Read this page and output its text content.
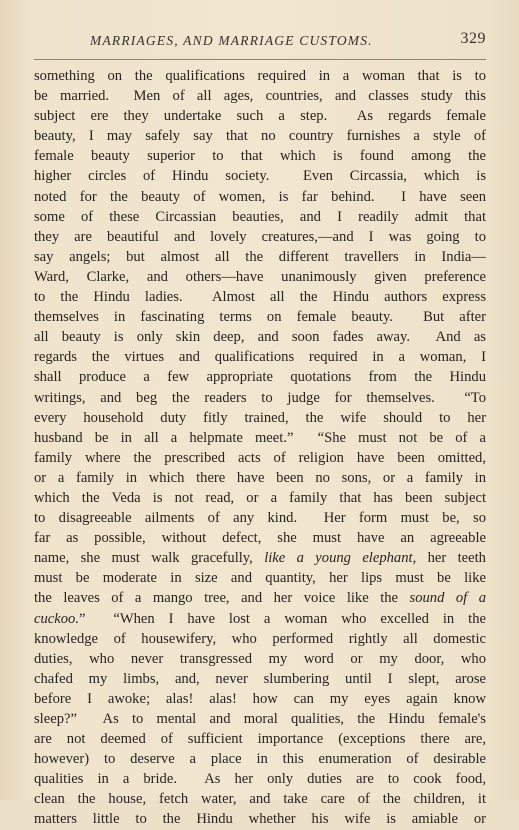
MARRIAGES, AND MARRIAGE CUSTOMS.	329
something on the qualifications required in a woman that is to
be married.  Men of all ages, countries, and classes study this
subject ere they undertake such a step.  As regards female
beauty, I may safely say that no country furnishes a style of
female beauty superior to that which is found among the
higher circles of Hindu society.  Even Circassia, which is
noted for the beauty of women, is far behind.  I have seen
some of these Circassian beauties, and I readily admit that
they are beautiful and lovely creatures,—and I was going to
say angels; but almost all the different travellers in India—
Ward, Clarke, and others—have unanimously given preference
to the Hindu ladies.  Almost all the Hindu authors express
themselves in fascinating terms on female beauty.  But after
all beauty is only skin deep, and soon fades away.  And as
regards the virtues and qualifications required in a woman, I
shall produce a few appropriate quotations from the Hindu
writings, and beg the readers to judge for themselves.  “To
every household duty fitly trained, the wife should to her
husband be in all a helpmate meet.”  “She must not be of a
family where the prescribed acts of religion have been omitted,
or a family in which there have been no sons, or a family in
which the Veda is not read, or a family that has been subject
to disagreeable ailments of any kind.  Her form must be, so
far as possible, without defect, she must have an agreeable
name, she must walk gracefully, like a young elephant, her teeth
must be moderate in size and quantity, her lips must be like
the leaves of a mango tree, and her voice like the sound of a
cuckoo.”  “When I have lost a woman who excelled in the
knowledge of housewifery, who performed rightly all domestic
duties, who never transgressed my word or my door, who
chafed my limbs, and, never slumbering until I slept, arose
before I awoke; alas! alas! how can my eyes again know
sleep?”  As to mental and moral qualities, the Hindu female's
are not deemed of sufficient importance (exceptions there are,
however) to deserve a place in this enumeration of desirable
qualities in a bride.  As her only duties are to cook food,
clean the house, fetch water, and take care of the children, it
matters little to the Hindu whether his wife is amiable or
